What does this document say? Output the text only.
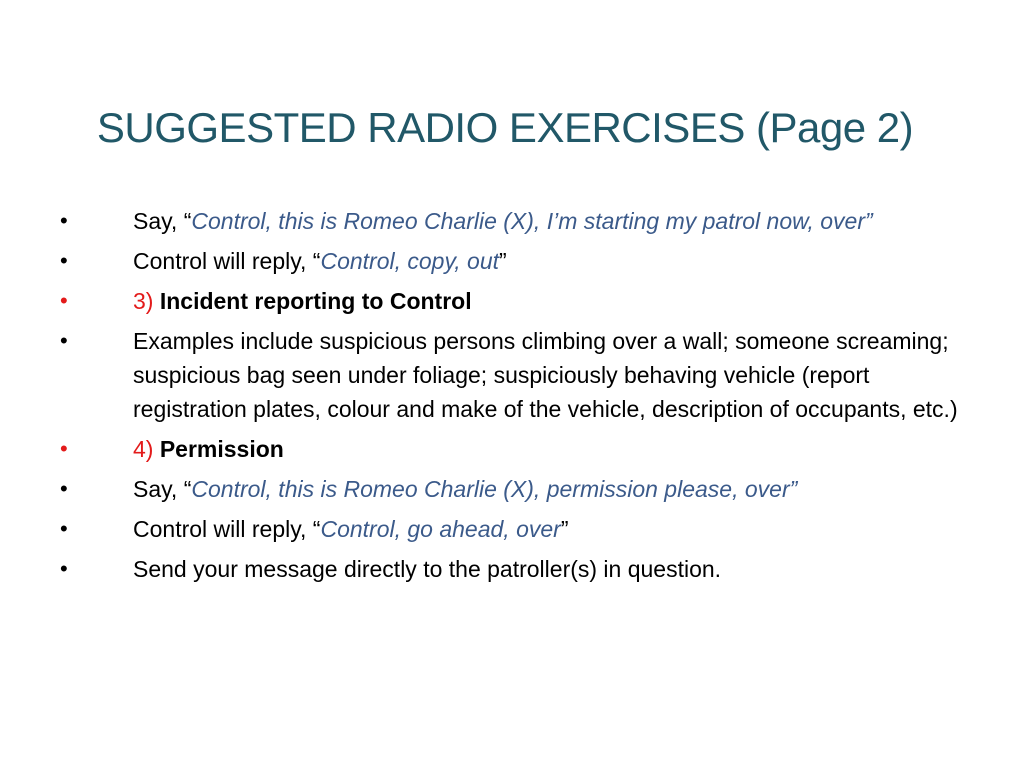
SUGGESTED RADIO EXERCISES (Page 2)
•	Say, “Control, this is Romeo Charlie (X), I’m starting my patrol now, over”
•	Control will reply, “Control, copy, out”
•	3) Incident reporting to Control
•	Examples include suspicious persons climbing over a wall; someone screaming; suspicious bag seen under foliage; suspiciously behaving vehicle (report registration plates, colour and make of the vehicle, description of occupants, etc.)
•	4) Permission
•	Say, “Control, this is Romeo Charlie (X), permission please, over”
•	Control will reply, “Control, go ahead, over”
•	Send your message directly to the patroller(s) in question.
